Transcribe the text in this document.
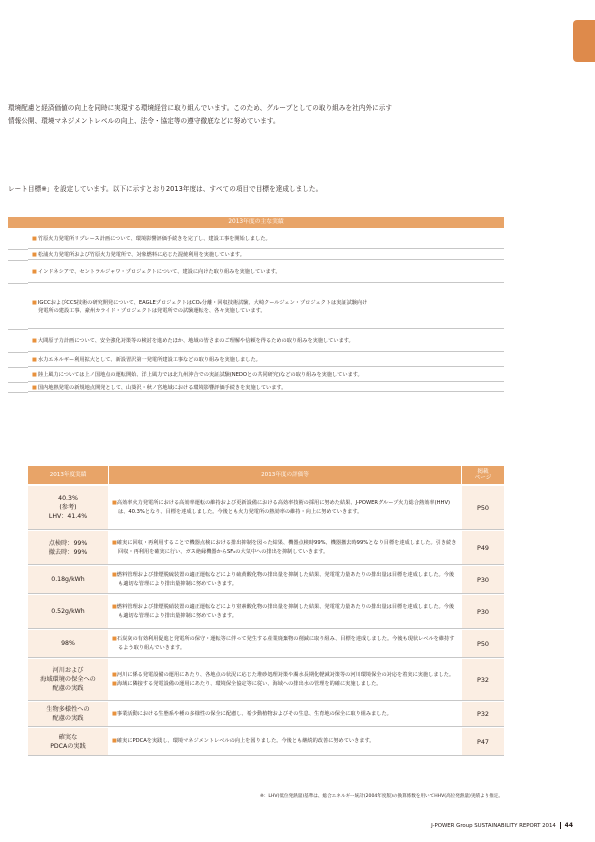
環境配慮と経済価値の向上を同時に実現する環境経営に取り組んでいます。このため、グループとしての取り組みを社内外に示す
情報公開、環境マネジメントレベルの向上、法令・協定等の遵守徹底などに努めています。
レート目標※」を設定しています。以下に示すとおり2013年度は、すべての項目で目標を達成しました。
2013年度の主な実績
■竹原火力発電所リプレース計画について、環境影響評価手続きを完了し、建設工事を開始しました。
■松浦火力発電所および竹原火力発電所で、対象燃料に応じた混焼利用を実施しています。
■インドネシアで、セントラルジャワ・プロジェクトについて、建設に向けた取り組みを実施しています。
■IGCCおよびCCS技術の研究開発について、EAGLEプロジェクトはCO₂分離・回収技術試験、大崎クールジェン・プロジェクトは実証試験向け
発電所の建設工事、豪州カライド・プロジェクトは発電所での試験運転を、各々実施しています。
■大間原子力計画について、安全強化対策等の検討を進めたほか、地域の皆さまのご理解や信頼を得るための取り組みを実施しています。
■水力エネルギー利用拡大として、新設習沢第一発電所建設工事などの取り組みを実施しました。
■陸上風力については上ノ国地点の運転開始、洋上風力では北九州沖合での実証試験(NEDOとの共同研究)などの取り組みを実施しています。
■国内地熱発電の新規地点開発として、山葵沢・秋ノ宮地域における環境影響評価手続きを実施しています。
2013年度実績	2013年度の評価等
掲載
ページ
40.3%
(参考)
LHV：41.4%

■高効率火力発電所における高効率運転の維持および更新設備における高効率技術の採用に努めた結果、J-POWERグループ火力総合熱効率(HHV)は、40.3%となり、目標を達成しました。今後とも火力発電所の熱効率の維持・向上に努めていきます。	P50
点検時：99%
撤去時：99%

■確実に回収・再利用することで機器点検における排出抑制を図った結果、機器点検時99%、機器撤去時99%となり目標を達成しました。引き続き回収・再利用を確実に行い、ガス絶縁機器からSF₆の大気中への排出を抑制していきます。	P49
0.18g/kWh

■燃料管理および排煙脱硫装置の適正運転などにより硫黄酸化物の排出量を抑制した結果、発電電力量あたりの排出量は目標を達成しました。今後も適切な管理により排出量抑制に努めていきます。	P30
0.52g/kWh

■燃料管理および排煙脱硝装置の適正運転などにより窒素酸化物の排出量を抑制した結果、発電電力量あたりの排出量は目標を達成しました。今後も適切な管理により排出量抑制に努めていきます。	P30
98%

■石炭灰の有効利用促進と発電所の保守・運転等に伴って発生する産業廃棄物の削減に取り組み、目標を達成しました。今後も現状レベルを維持するよう取り組んでいきます。	P50
河川および
海域環境の保全への
配慮の実践

■河川に係る発電設備の運用にあたり、各地点の状況に応じた堆砂処理対策や濁水長期化軽減対策等の河川環境保全の対応を着実に実施しました。

■海域に隣接する発電設備の運用にあたり、環境保全協定等に従い、海域への排出水の管理を的確に実施しました。	P32
生物多様性への
配慮の実践

■事業活動における生態系や種の多様性の保全に配慮し、希少動植物およびその生息、生育地の保全に取り組みました。	P32
確実な
PDCAの実践

■確実にPDCAを実践し、環境マネジメントレベルの向上を図りました。今後とも継続的改善に努めていきます。	P47
※：LHV(低位発熱量)基準は、総合エネルギー統計(2004年度版)の換算係数を用いてHHV(高位発熱量)実績より推定。
J-POWER Group SUSTAINABILITY REPORT 2014 44
